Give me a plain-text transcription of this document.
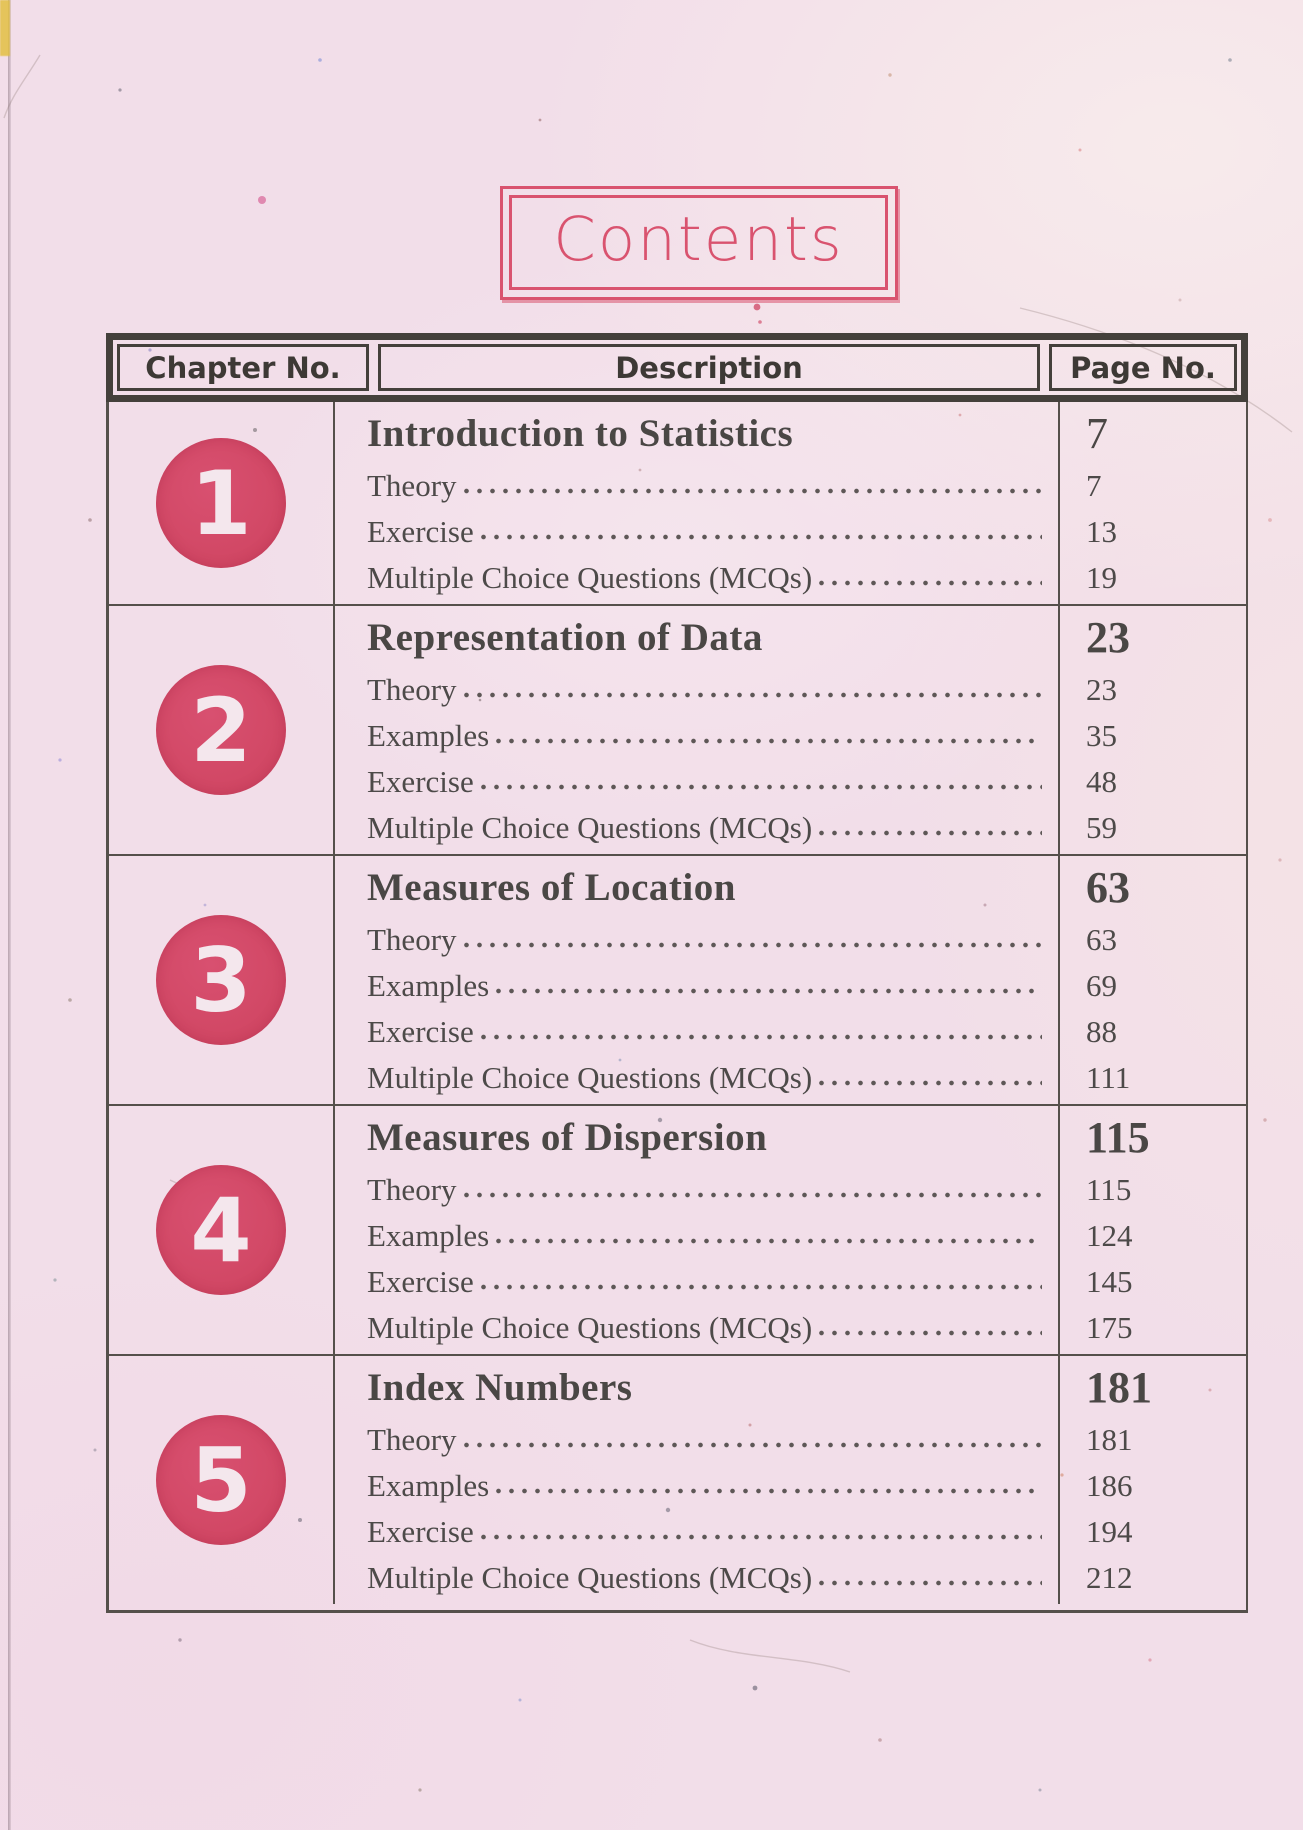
Contents
Chapter No.	Description	Page No.
1
Introduction to Statistics
Theory
Exercise
Multiple Choice Questions (MCQs)
7
7
13
19
2
Representation of Data
Theory
Examples
Exercise
Multiple Choice Questions (MCQs)
23
23
35
48
59
3
Measures of Location
Theory
Examples
Exercise
Multiple Choice Questions (MCQs)
63
63
69
88
111
4
Measures of Dispersion
Theory
Examples
Exercise
Multiple Choice Questions (MCQs)
115
115
124
145
175
5
Index Numbers
Theory
Examples
Exercise
Multiple Choice Questions (MCQs)
181
181
186
194
212
